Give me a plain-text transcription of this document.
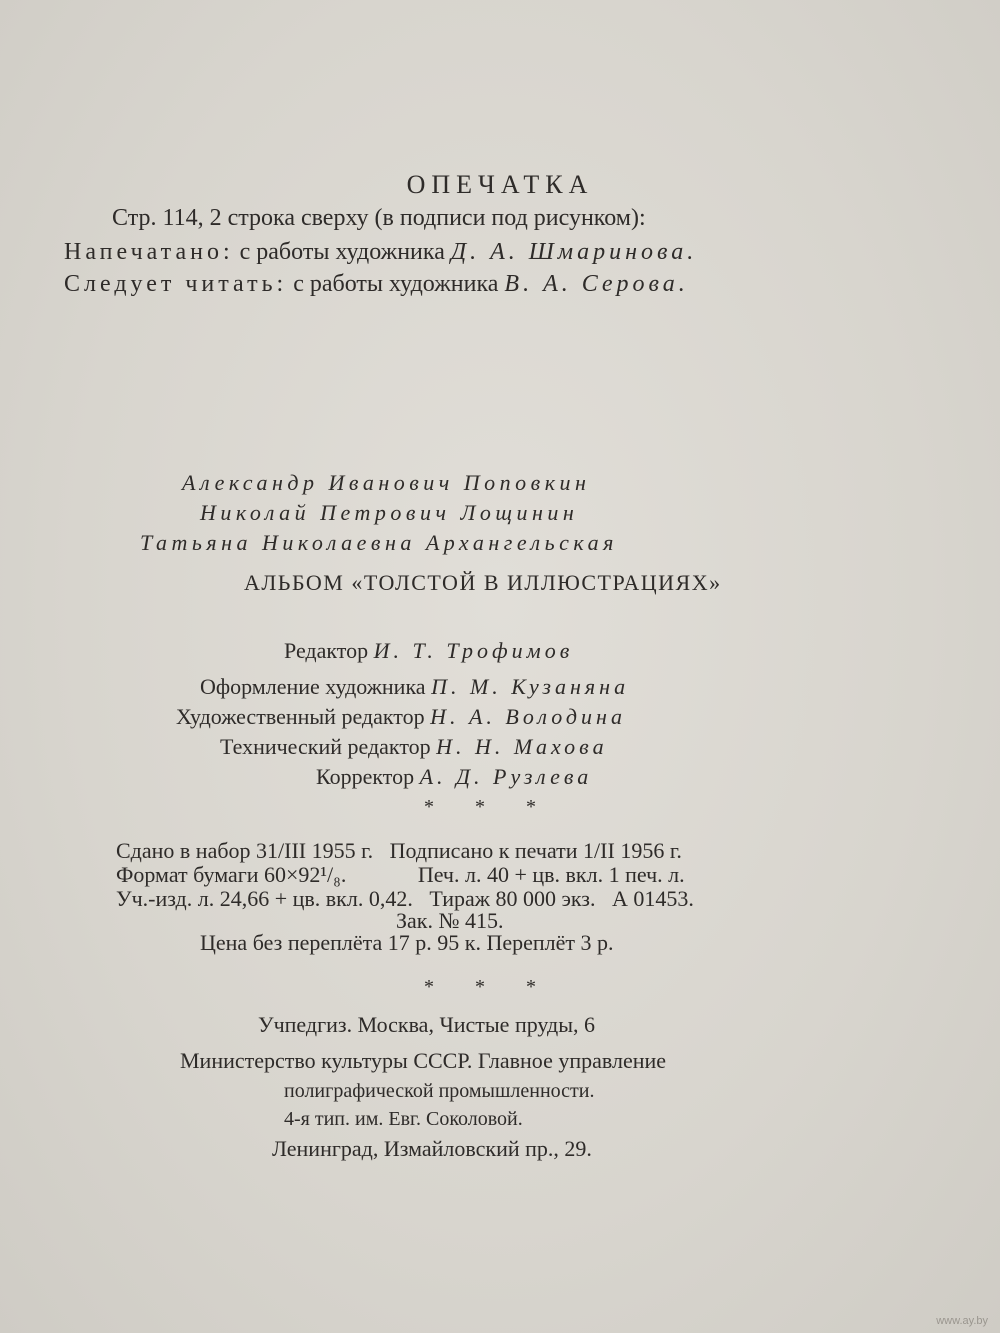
ОПЕЧАТКА
Стр. 114, 2 строка сверху (в подписи под рисунком):
Напечатано: с работы художника Д. А. Шмаринова.
Следует читать: с работы художника В. А. Серова.
Александр Иванович Поповкин
Николай Петрович Лощинин
Татьяна Николаевна Архангельская
АЛЬБОМ «ТОЛСТОЙ В ИЛЛЮСТРАЦИЯХ»
Редактор И. Т. Трофимов
Оформление художника П. М. Кузаняна
Художественный редактор Н. А. Володина
Технический редактор Н. Н. Махова
Корректор А. Д. Рузлева
* * *
Сдано в набор 31/III 1955 г.   Подписано к печати 1/II 1956 г.
Формат бумаги 60×92¹/₈.             Печ. л. 40 + цв. вкл. 1 печ. л.
Уч.-изд. л. 24,66 + цв. вкл. 0,42.   Тираж 80 000 экз.   А 01453.
Зак. № 415.
Цена без переплёта 17 р. 95 к. Переплёт 3 р.
* * *
Учпедгиз. Москва, Чистые пруды, 6
Министерство культуры СССР. Главное управление
полиграфической промышленности.
4-я тип. им. Евг. Соколовой.
Ленинград, Измайловский пр., 29.
www.ay.by
